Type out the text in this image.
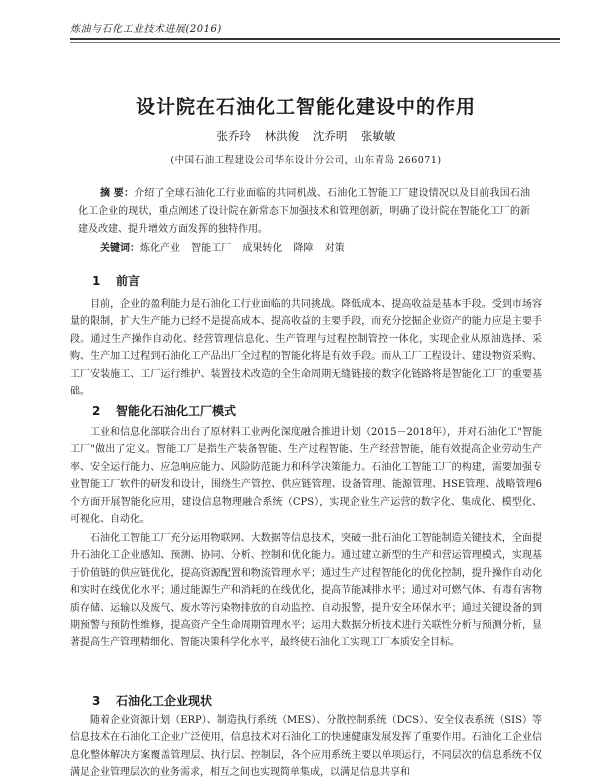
炼油与石化工业技术进展(2016)
设计院在石油化工智能化建设中的作用
张乔玲 林洪俊 沈乔明 张敏敏
(中国石油工程建设公司华东设计分公司，山东青岛 266071)
摘 要：介绍了全球石油化工行业面临的共同机战、石油化工智能工厂建设情况以及目前我国石油化工企业的现状，重点阐述了设计院在新常态下加强技术和管理创新，明确了设计院在智能化工厂的新建及改建、提升增效方面发挥的独特作用。
关键词：炼化产业 智能工厂 成果转化 降障 对策
1 前言

目前，企业的盈利能力是石油化工行业面临的共同挑战。降低成本、提高收益是基本手段。受到市场容量的限制，扩大生产能力已经不是提高成本、提高收益的主要手段，而充分挖掘企业资产的能力应是主要手段。通过生产操作自动化、经营管理信息化、生产管理与过程控制管控一体化，实现企业从原油选择、采购、生产加工过程到石油化工产品出厂全过程的智能化将是有效手段。而从工厂工程设计、建设物资采购、工厂安装施工、工厂运行维护、装置技术改造的全生命周期无缝链接的数字化链路将是智能化工厂的重要基础。

2 智能化石油化工厂模式

工业和信息化部联合出台了原材料工业两化深度融合推进计划（2015－2018年），并对石油化工"智能工厂"做出了定义。智能工厂是指生产装备智能、生产过程智能、生产经营智能，能有效提高企业劳动生产率、安全运行能力、应急响应能力、风险防范能力和科学决策能力。石油化工智能工厂的构建，需要加强专业智能工厂软件的研发和设计，围绕生产管控、供应链管理、设备管理、能源管理、HSE管理、战略管理6个方面开展智能化应用，建设信息物理融合系统（CPS），实现企业生产运营的数字化、集成化、模型化、可视化、自动化。

石油化工智能工厂充分运用物联网、大数据等信息技术，突破一批石油化工智能制造关键技术，全面提升石油化工企业感知、预测、协同、分析、控制和优化能力。通过建立新型的生产和营运管理模式，实现基于价值链的供应链优化，提高资源配置和物流管理水平；通过生产过程智能化的优化控制，提升操作自动化和实时在线优化水平；通过能源生产和消耗的在线优化，提高节能减排水平；通过对可燃气体、有毒有害物质存储、运输以及废气、废水等污染物排放的自动监控、自动报警，提升安全环保水平；通过关键设备的到期预警与预防性维修，提高资产全生命周期管理水平；运用大数据分析技术进行关联性分析与预测分析，显著提高生产管理精细化、智能决策科学化水平，最终使石油化工实现工厂本质安全目标。

3 石油化工企业现状

随着企业资源计划（ERP）、制造执行系统（MES）、分散控制系统（DCS）、安全仪表系统（SIS）等信息技术在石油化工企业广泛使用，信息技术对石油化工的快速健康发展发挥了重要作用。石油化工企业信息化整体解决方案覆盖管理层、执行层、控制层，各个应用系统主要以单项运行，不同层次的信息系统不仅满足企业管理层次的业务需求，相互之间也实现简单集成，以满足信息共享和
